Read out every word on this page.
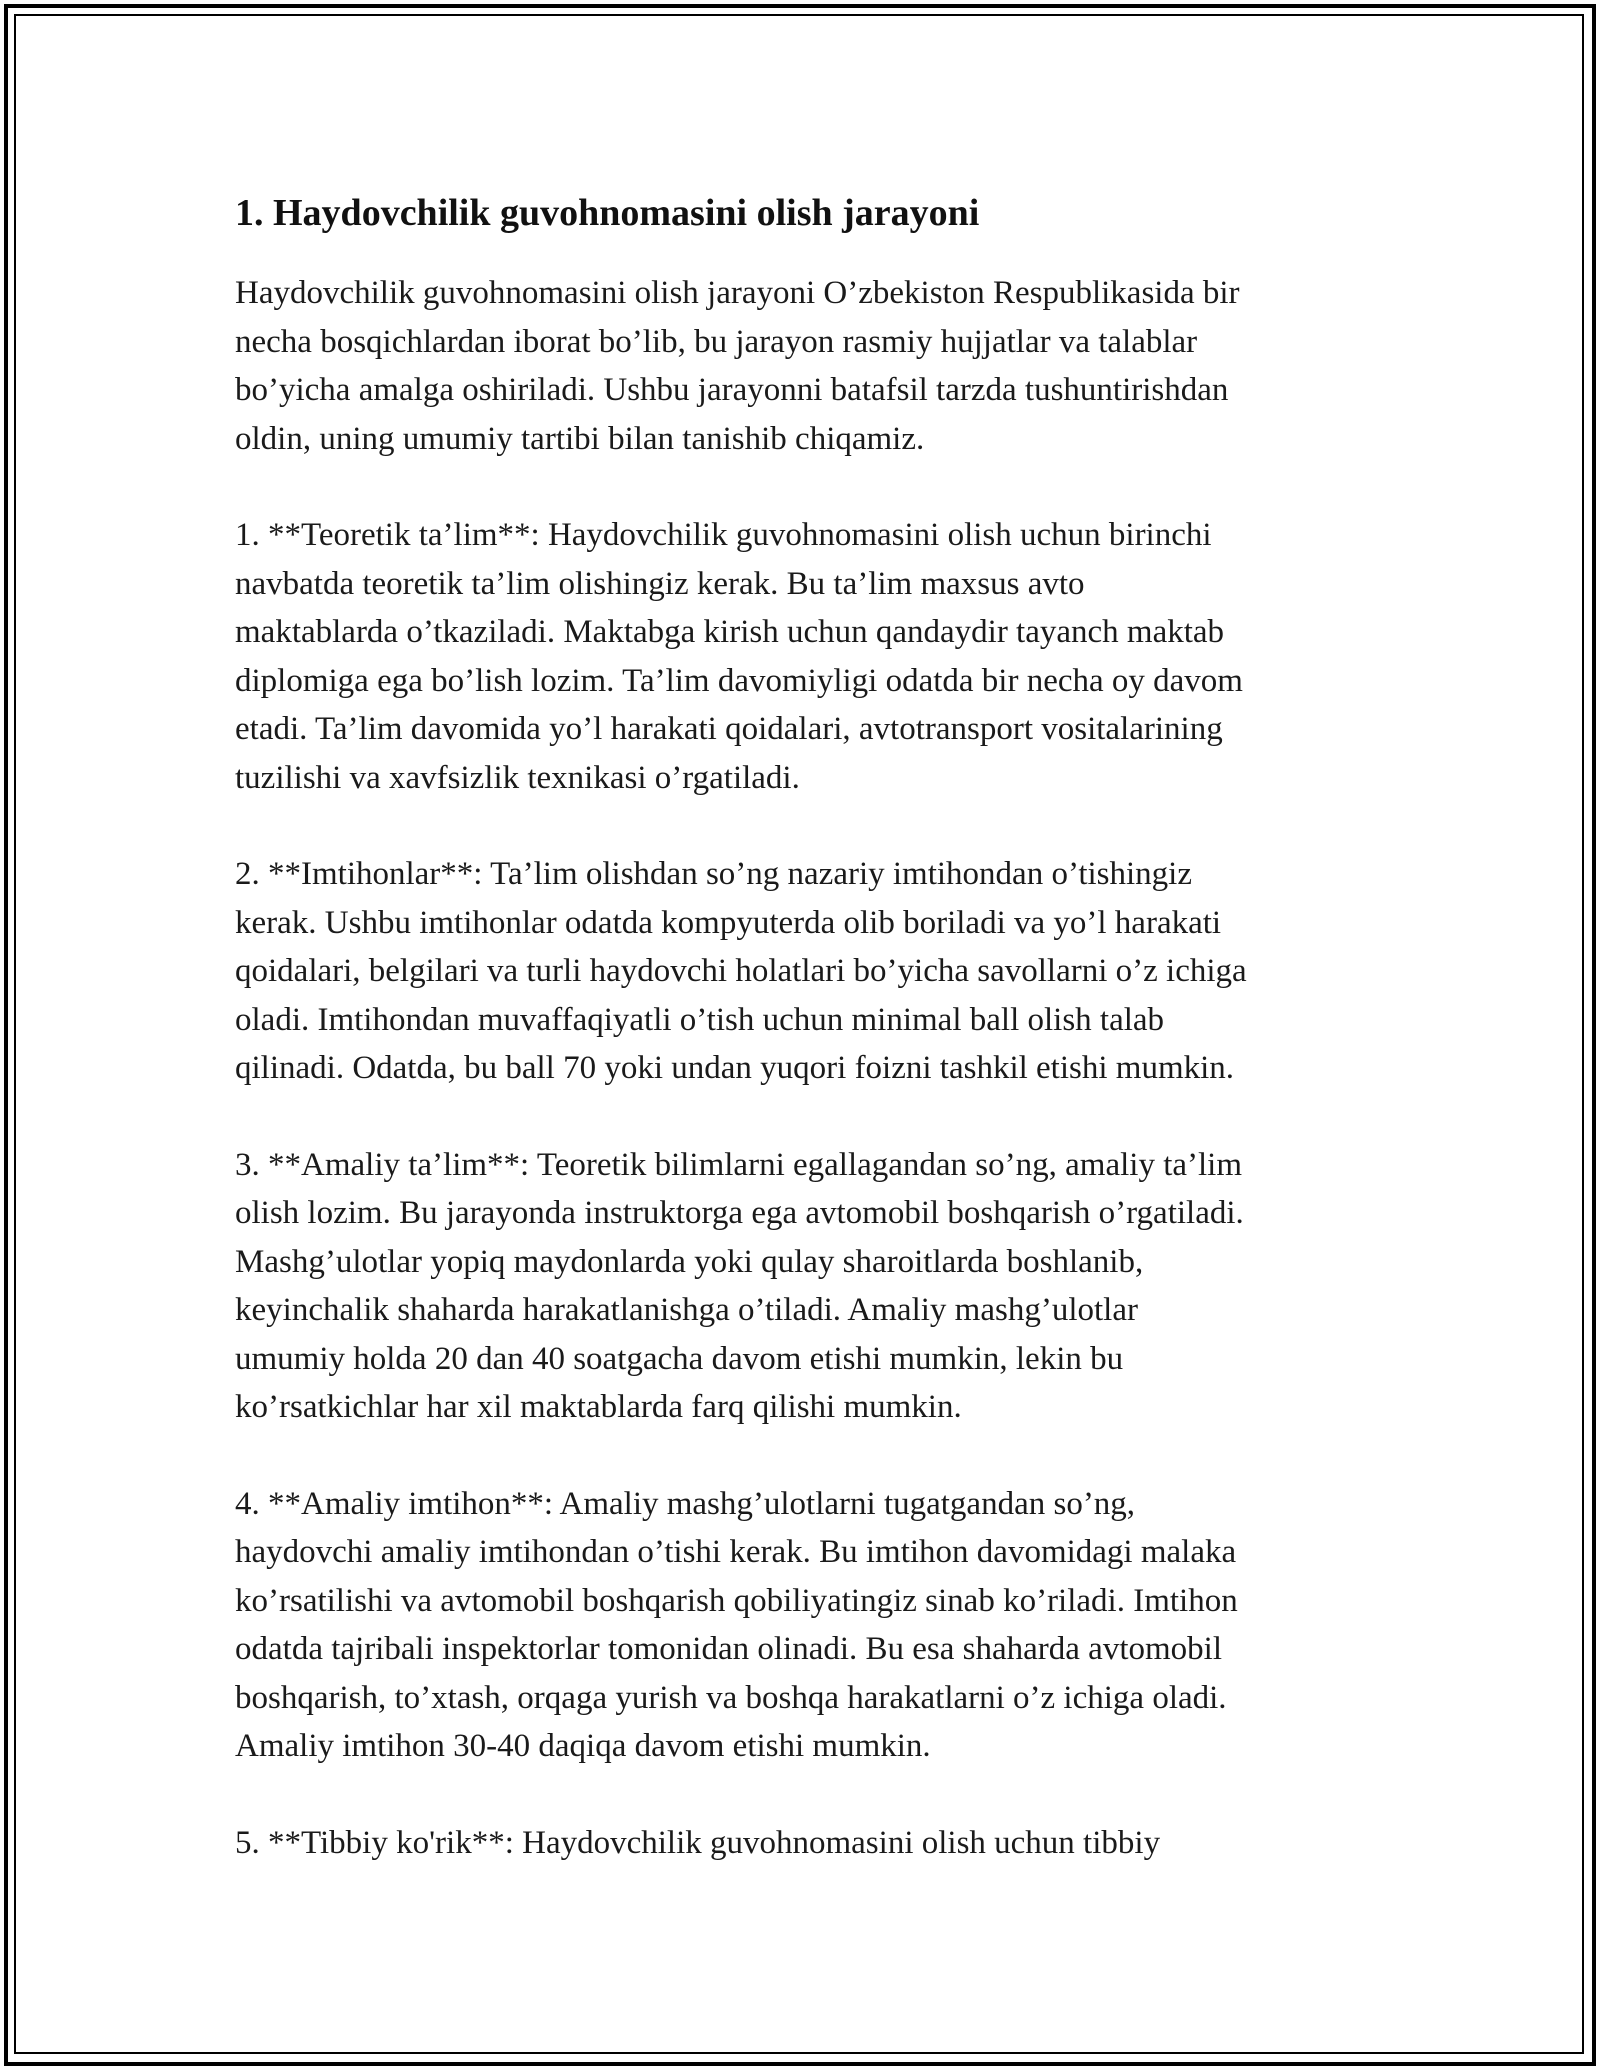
1. Haydovchilik guvohnomasini olish jarayoni

Haydovchilik guvohnomasini olish jarayoni O’zbekiston Respublikasida bir
necha bosqichlardan iborat bo’lib, bu jarayon rasmiy hujjatlar va talablar
bo’yicha amalga oshiriladi. Ushbu jarayonni batafsil tarzda tushuntirishdan
oldin, uning umumiy tartibi bilan tanishib chiqamiz.

1. **Teoretik ta’lim**: Haydovchilik guvohnomasini olish uchun birinchi
navbatda teoretik ta’lim olishingiz kerak. Bu ta’lim maxsus avto
maktablarda o’tkaziladi. Maktabga kirish uchun qandaydir tayanch maktab
diplomiga ega bo’lish lozim. Ta’lim davomiyligi odatda bir necha oy davom
etadi. Ta’lim davomida yo’l harakati qoidalari, avtotransport vositalarining
tuzilishi va xavfsizlik texnikasi o’rgatiladi.

2. **Imtihonlar**: Ta’lim olishdan so’ng nazariy imtihondan o’tishingiz
kerak. Ushbu imtihonlar odatda kompyuterda olib boriladi va yo’l harakati
qoidalari, belgilari va turli haydovchi holatlari bo’yicha savollarni o’z ichiga
oladi. Imtihondan muvaffaqiyatli o’tish uchun minimal ball olish talab
qilinadi. Odatda, bu ball 70 yoki undan yuqori foizni tashkil etishi mumkin.

3. **Amaliy ta’lim**: Teoretik bilimlarni egallagandan so’ng, amaliy ta’lim
olish lozim. Bu jarayonda instruktorga ega avtomobil boshqarish o’rgatiladi.
Mashg’ulotlar yopiq maydonlarda yoki qulay sharoitlarda boshlanib,
keyinchalik shaharda harakatlanishga o’tiladi. Amaliy mashg’ulotlar
umumiy holda 20 dan 40 soatgacha davom etishi mumkin, lekin bu
ko’rsatkichlar har xil maktablarda farq qilishi mumkin.

4. **Amaliy imtihon**: Amaliy mashg’ulotlarni tugatgandan so’ng,
haydovchi amaliy imtihondan o’tishi kerak. Bu imtihon davomidagi malaka
ko’rsatilishi va avtomobil boshqarish qobiliyatingiz sinab ko’riladi. Imtihon
odatda tajribali inspektorlar tomonidan olinadi. Bu esa shaharda avtomobil
boshqarish, to’xtash, orqaga yurish va boshqa harakatlarni o’z ichiga oladi.
Amaliy imtihon 30-40 daqiqa davom etishi mumkin.

5. **Tibbiy ko'rik**: Haydovchilik guvohnomasini olish uchun tibbiy
